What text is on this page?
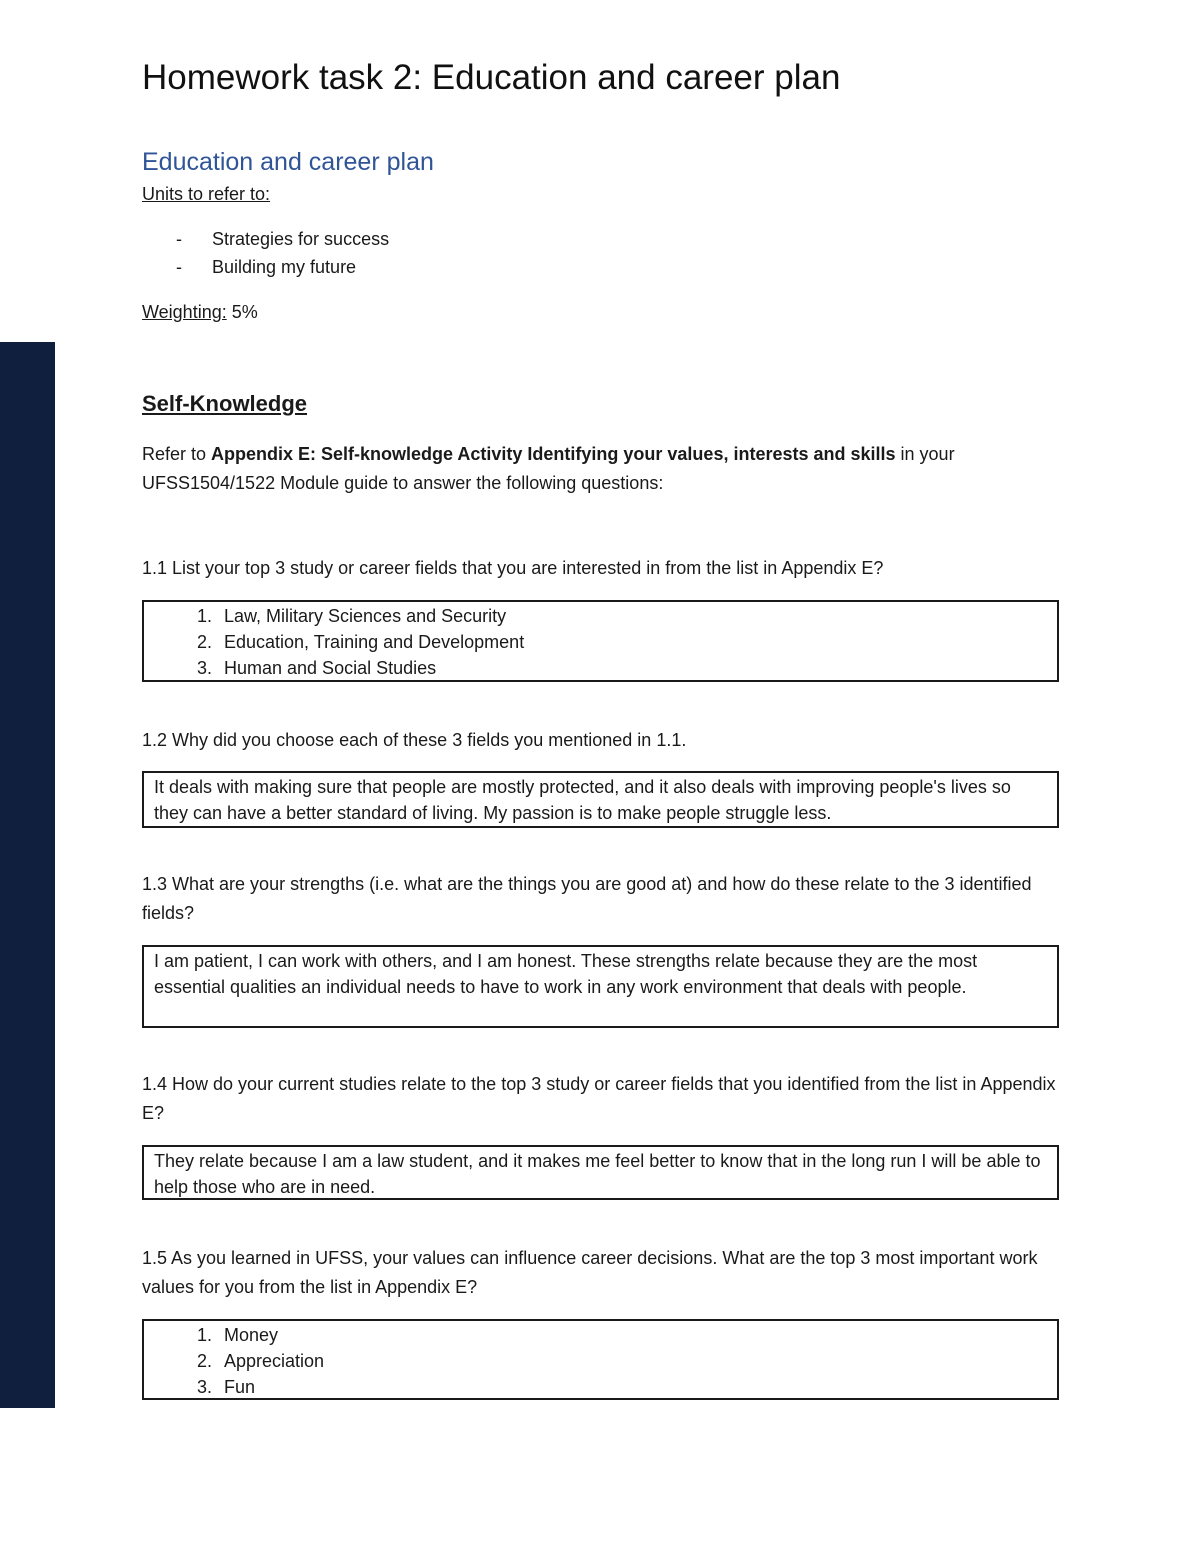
Homework task 2: Education and career plan
Education and career plan
Units to refer to:
- Strategies for success
- Building my future
Weighting: 5%
Self-Knowledge
Refer to Appendix E: Self-knowledge Activity Identifying your values, interests and skills in your UFSS1504/1522 Module guide to answer the following questions:
1.1 List your top 3 study or career fields that you are interested in from the list in Appendix E?
1. Law, Military Sciences and Security
2. Education, Training and Development
3. Human and Social Studies
1.2 Why did you choose each of these 3 fields you mentioned in 1.1.
It deals with making sure that people are mostly protected, and it also deals with improving people's lives so they can have a better standard of living. My passion is to make people struggle less.
1.3 What are your strengths (i.e. what are the things you are good at) and how do these relate to the 3 identified fields?
I am patient, I can work with others, and I am honest. These strengths relate because they are the most essential qualities an individual needs to have to work in any work environment that deals with people.
1.4 How do your current studies relate to the top 3 study or career fields that you identified from the list in Appendix E?
They relate because I am a law student, and it makes me feel better to know that in the long run I will be able to help those who are in need.
1.5 As you learned in UFSS, your values can influence career decisions. What are the top 3 most important work values for you from the list in Appendix E?
1. Money
2. Appreciation
3. Fun
